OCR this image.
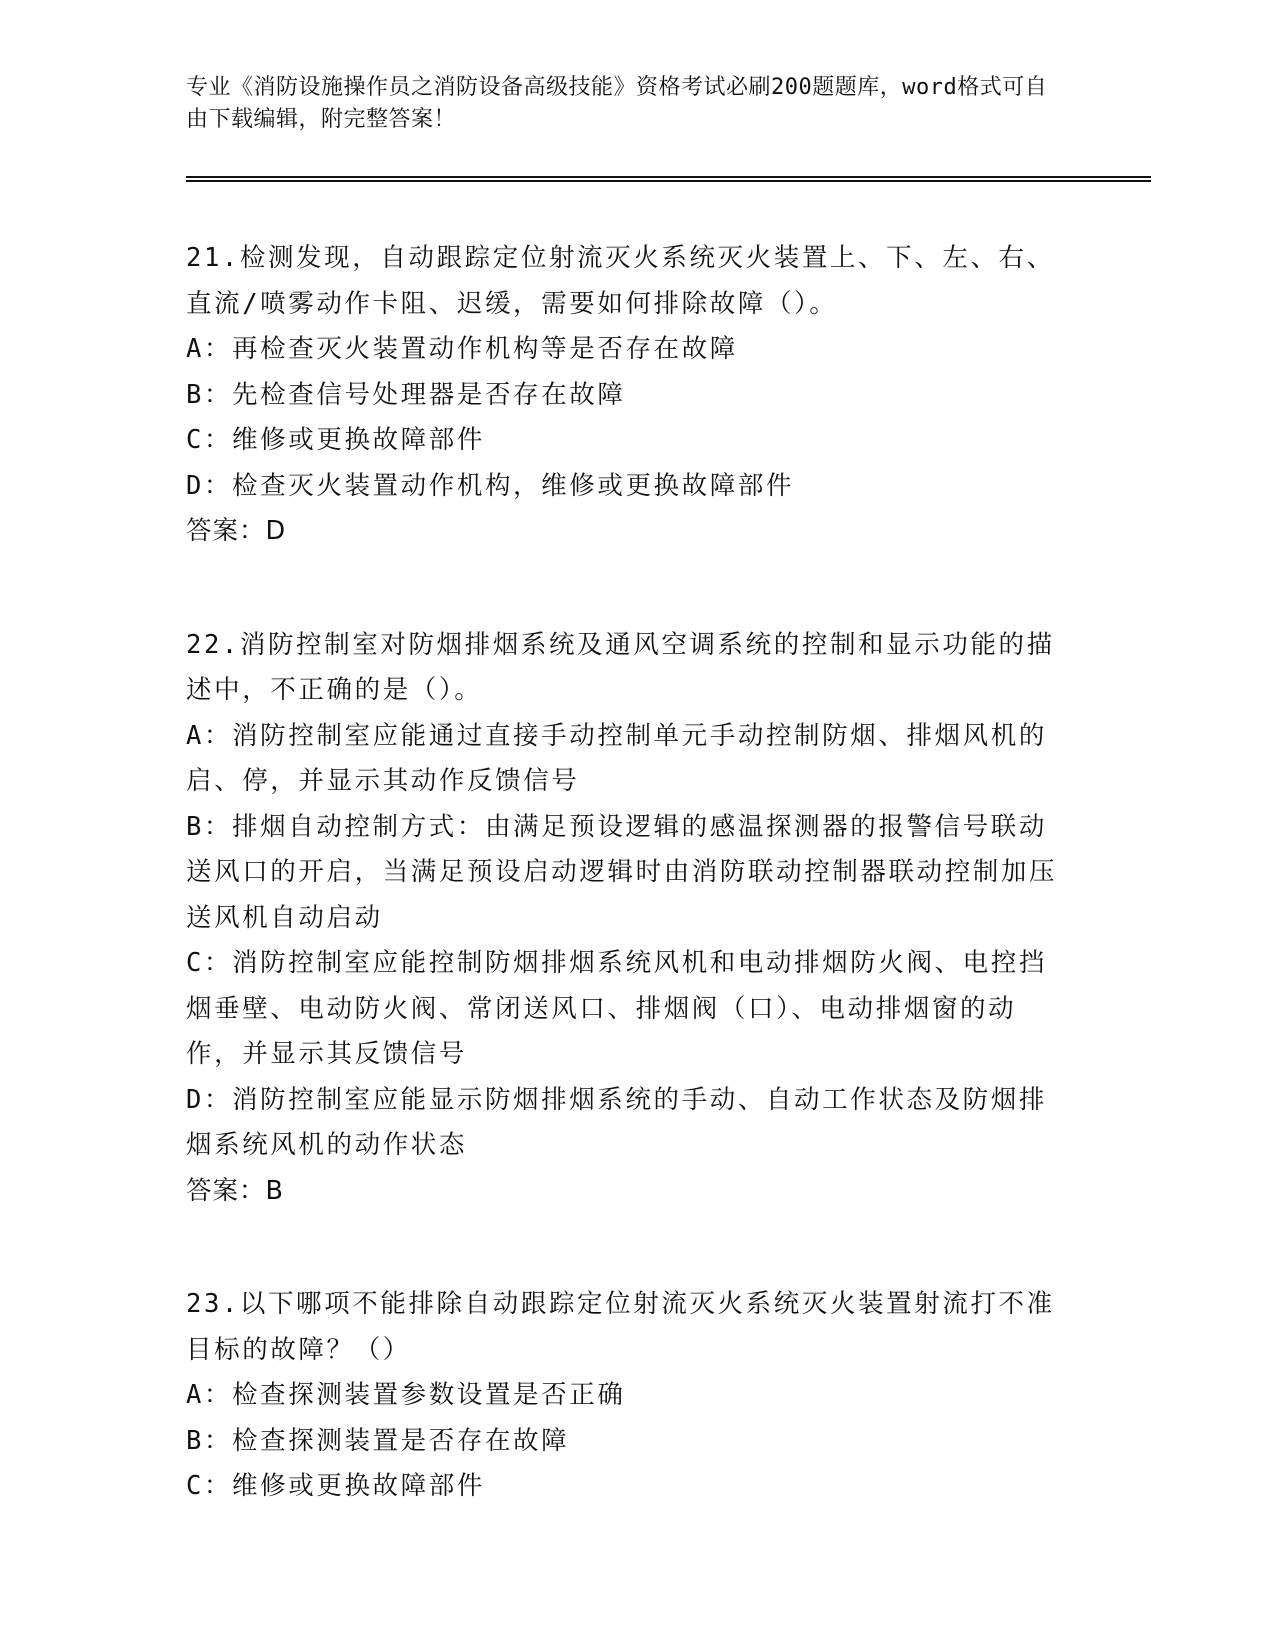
专业《消防设施操作员之消防设备高级技能》资格考试必刷200题题库，word格式可自由下载编辑，附完整答案！

21.检测发现，自动跟踪定位射流灭火系统灭火装置上、下、左、右、直流/喷雾动作卡阻、迟缓，需要如何排除故障（）。

A：再检查灭火装置动作机构等是否存在故障

B：先检查信号处理器是否存在故障

C：维修或更换故障部件

D：检查灭火装置动作机构，维修或更换故障部件

答案：D

22.消防控制室对防烟排烟系统及通风空调系统的控制和显示功能的描述中，不正确的是（）。

A：消防控制室应能通过直接手动控制单元手动控制防烟、排烟风机的启、停，并显示其动作反馈信号

B：排烟自动控制方式：由满足预设逻辑的感温探测器的报警信号联动送风口的开启，当满足预设启动逻辑时由消防联动控制器联动控制加压送风机自动启动

C：消防控制室应能控制防烟排烟系统风机和电动排烟防火阀、电控挡烟垂壁、电动防火阀、常闭送风口、排烟阀（口）、电动排烟窗的动作，并显示其反馈信号

D：消防控制室应能显示防烟排烟系统的手动、自动工作状态及防烟排烟系统风机的动作状态

答案：B

23.以下哪项不能排除自动跟踪定位射流灭火系统灭火装置射流打不准目标的故障？（）

A：检查探测装置参数设置是否正确

B：检查探测装置是否存在故障

C：维修或更换故障部件
